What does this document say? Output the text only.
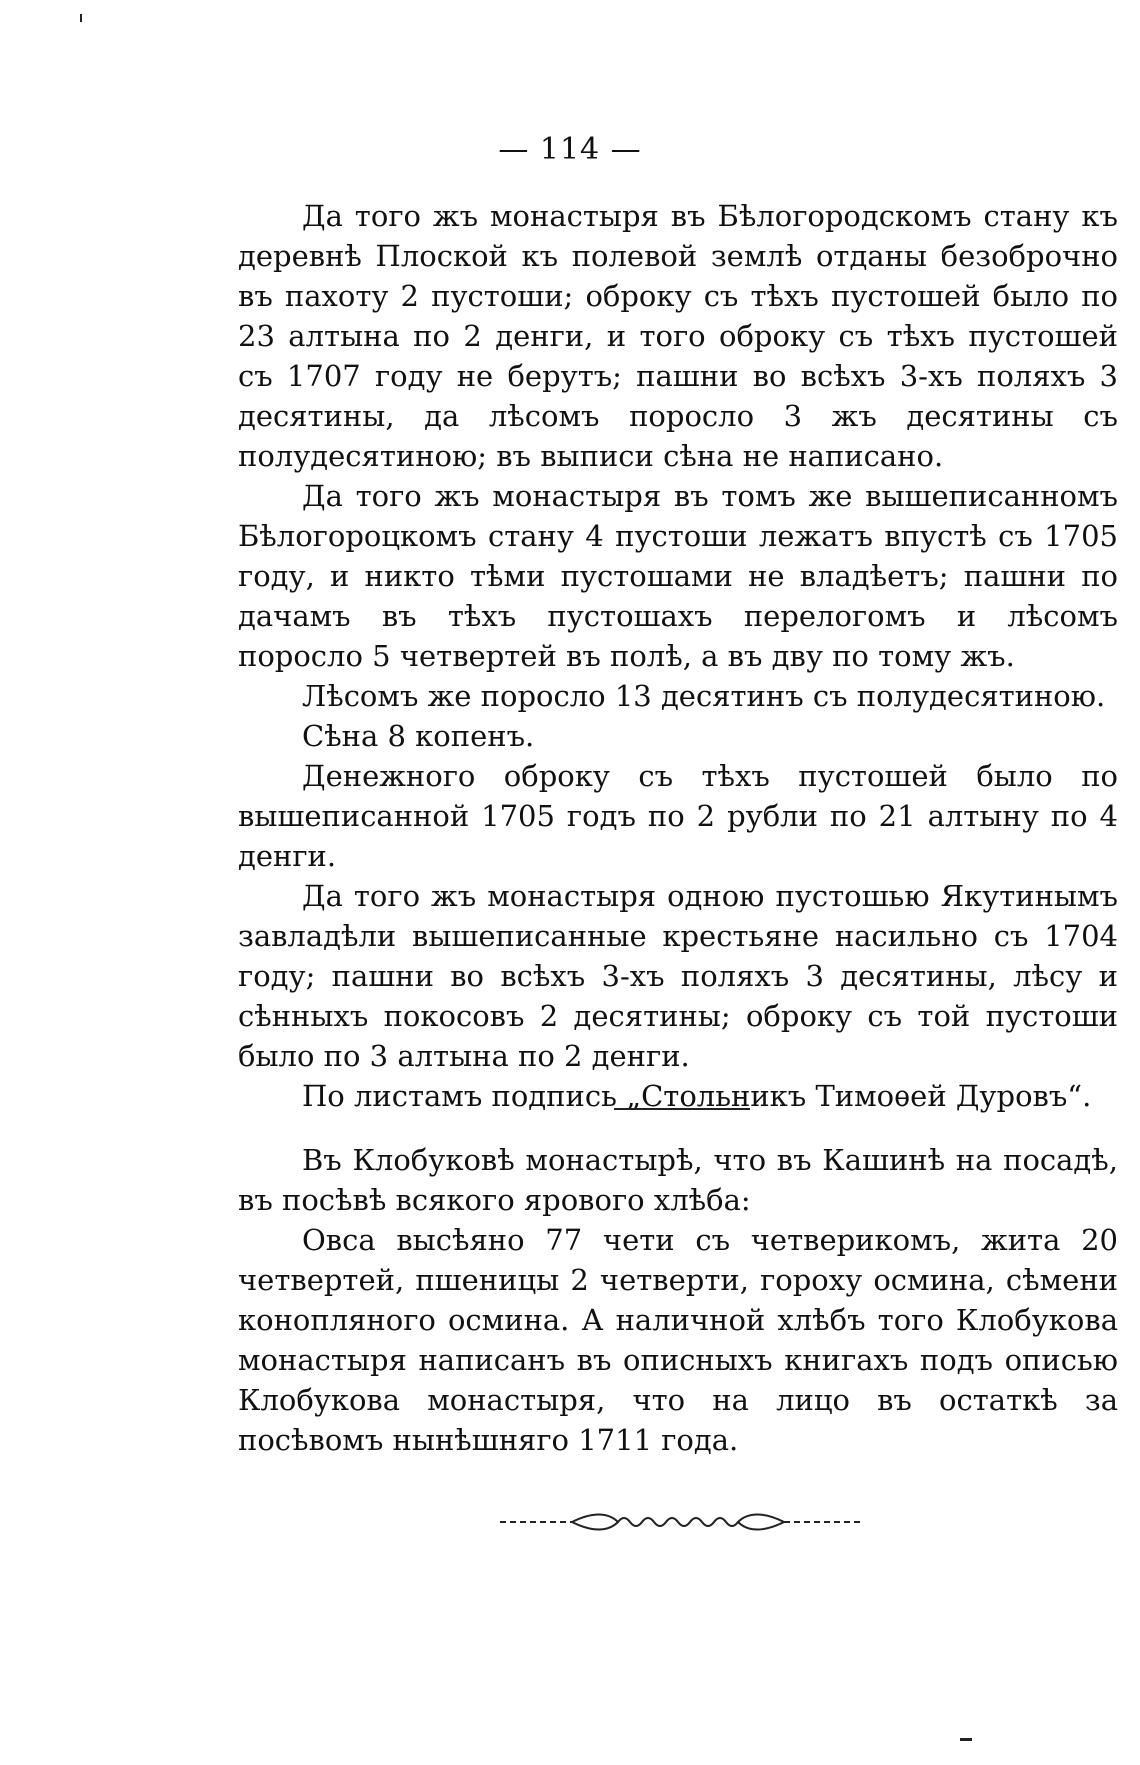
— 114 —

Да того жъ монастыря въ Бѣлогородскомъ стану къ деревнѣ Плоской къ полевой землѣ отданы безоброчно въ пахоту 2 пустоши; оброку съ тѣхъ пустошей было по 23 алтына по 2 денги, и того оброку съ тѣхъ пустошей съ 1707 году не берутъ; пашни во всѣхъ 3-хъ поляхъ 3 десятины, да лѣсомъ поросло 3 жъ десятины съ полудесятиною; въ выписи сѣна не написано.

Да того жъ монастыря въ томъ же вышеписанномъ Бѣлогороцкомъ стану 4 пустоши лежатъ впустѣ съ 1705 году, и никто тѣми пустошами не владѣетъ; пашни по дачамъ въ тѣхъ пустошахъ перелогомъ и лѣсомъ поросло 5 четвертей въ полѣ, а въ дву по тому жъ.

Лѣсомъ же поросло 13 десятинъ съ полудесятиною.

Сѣна 8 копенъ.

Денежного оброку съ тѣхъ пустошей было по вышеписанной 1705 годъ по 2 рубли по 21 алтыну по 4 денги.

Да того жъ монастыря одною пустошью Якутинымъ завладѣли вышеписанные крестьяне насильно съ 1704 году; пашни во всѣхъ 3-хъ поляхъ 3 десятины, лѣсу и сѣнныхъ покосовъ 2 десятины; оброку съ той пустоши было по 3 алтына по 2 денги.

По листамъ подпись „Стольникъ Тимоѳей Дуровъ“.

Въ Клобуковѣ монастырѣ, что въ Кашинѣ на посадѣ, въ посѣвѣ всякого ярового хлѣба:

Овса высѣяно 77 чети съ четверикомъ, жита 20 четвертей, пшеницы 2 четверти, гороху осмина, сѣмени конопляного осмина. А наличной хлѣбъ того Клобукова монастыря написанъ въ описныхъ книгахъ подъ описью Клобукова монастыря, что на лицо въ остаткѣ за посѣвомъ нынѣшняго 1711 года.
